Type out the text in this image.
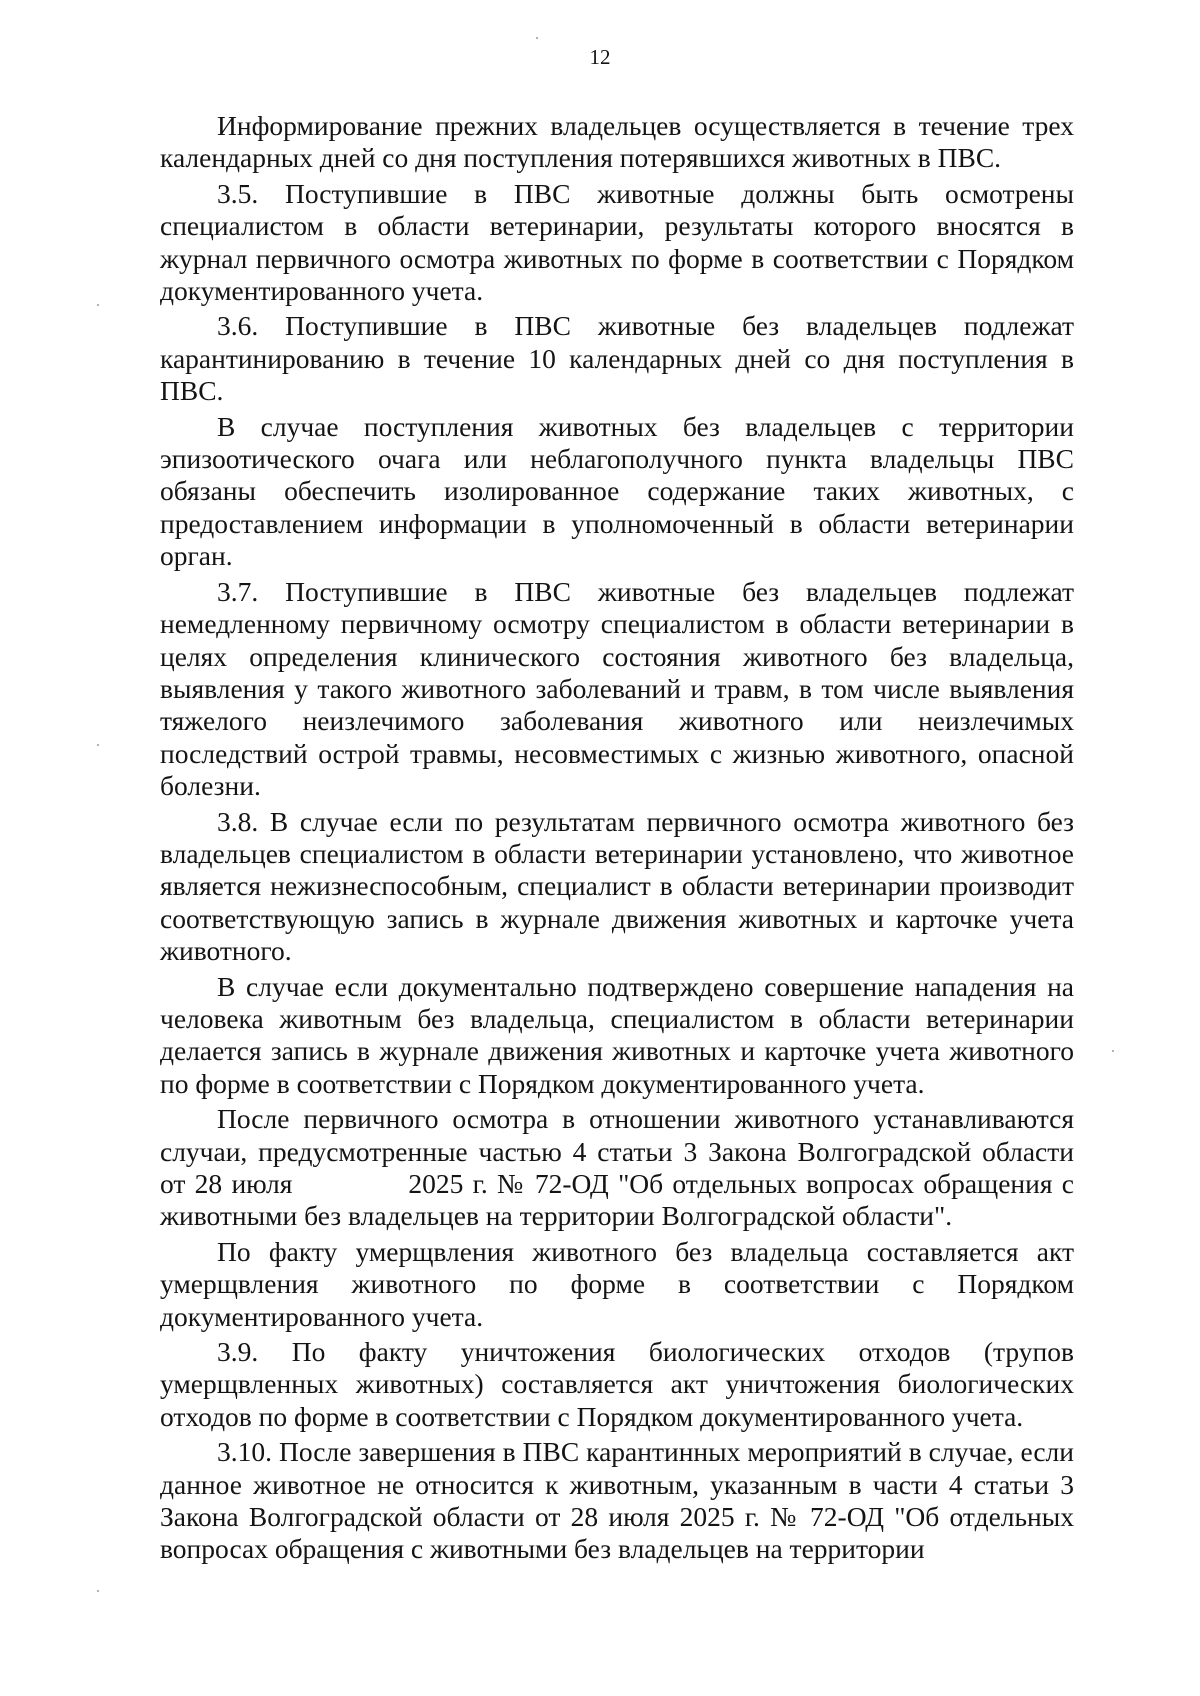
12

Информирование прежних владельцев осуществляется в течение трех календарных дней со дня поступления потерявшихся животных в ПВС.

3.5. Поступившие в ПВС животные должны быть осмотрены специалистом в области ветеринарии, результаты которого вносятся в журнал первичного осмотра животных по форме в соответствии с Порядком документированного учета.

3.6. Поступившие в ПВС животные без владельцев подлежат карантинированию в течение 10 календарных дней со дня поступления в ПВС.

В случае поступления животных без владельцев с территории эпизоотического очага или неблагополучного пункта владельцы ПВС обязаны обеспечить изолированное содержание таких животных, с предоставлением информации в уполномоченный в области ветеринарии орган.

3.7. Поступившие в ПВС животные без владельцев подлежат немедленному первичному осмотру специалистом в области ветеринарии в целях определения клинического состояния животного без владельца, выявления у такого животного заболеваний и травм, в том числе выявления тяжелого неизлечимого заболевания животного или неизлечимых последствий острой травмы, несовместимых с жизнью животного, опасной болезни.

3.8. В случае если по результатам первичного осмотра животного без владельцев специалистом в области ветеринарии установлено, что животное является нежизнеспособным, специалист в области ветеринарии производит соответствующую запись в журнале движения животных и карточке учета животного.

В случае если документально подтверждено совершение нападения на человека животным без владельца, специалистом в области ветеринарии делается запись в журнале движения животных и карточке учета животного по форме в соответствии с Порядком документированного учета.

После первичного осмотра в отношении животного устанавливаются случаи, предусмотренные частью 4 статьи 3 Закона Волгоградской области от 28 июля	2025 г. № 72-ОД "Об отдельных вопросах обращения с животными без владельцев на территории Волгоградской области".

По факту умерщвления животного без владельца составляется акт умерщвления животного по форме в соответствии с Порядком документированного учета.

3.9. По факту уничтожения биологических отходов (трупов умерщвленных животных) составляется акт уничтожения биологических отходов по форме в соответствии с Порядком документированного учета.

3.10. После завершения в ПВС карантинных мероприятий в случае, если данное животное не относится к животным, указанным в части 4 статьи 3 Закона Волгоградской области от 28 июля 2025 г. № 72-ОД "Об отдельных вопросах обращения с животными без владельцев на территории
